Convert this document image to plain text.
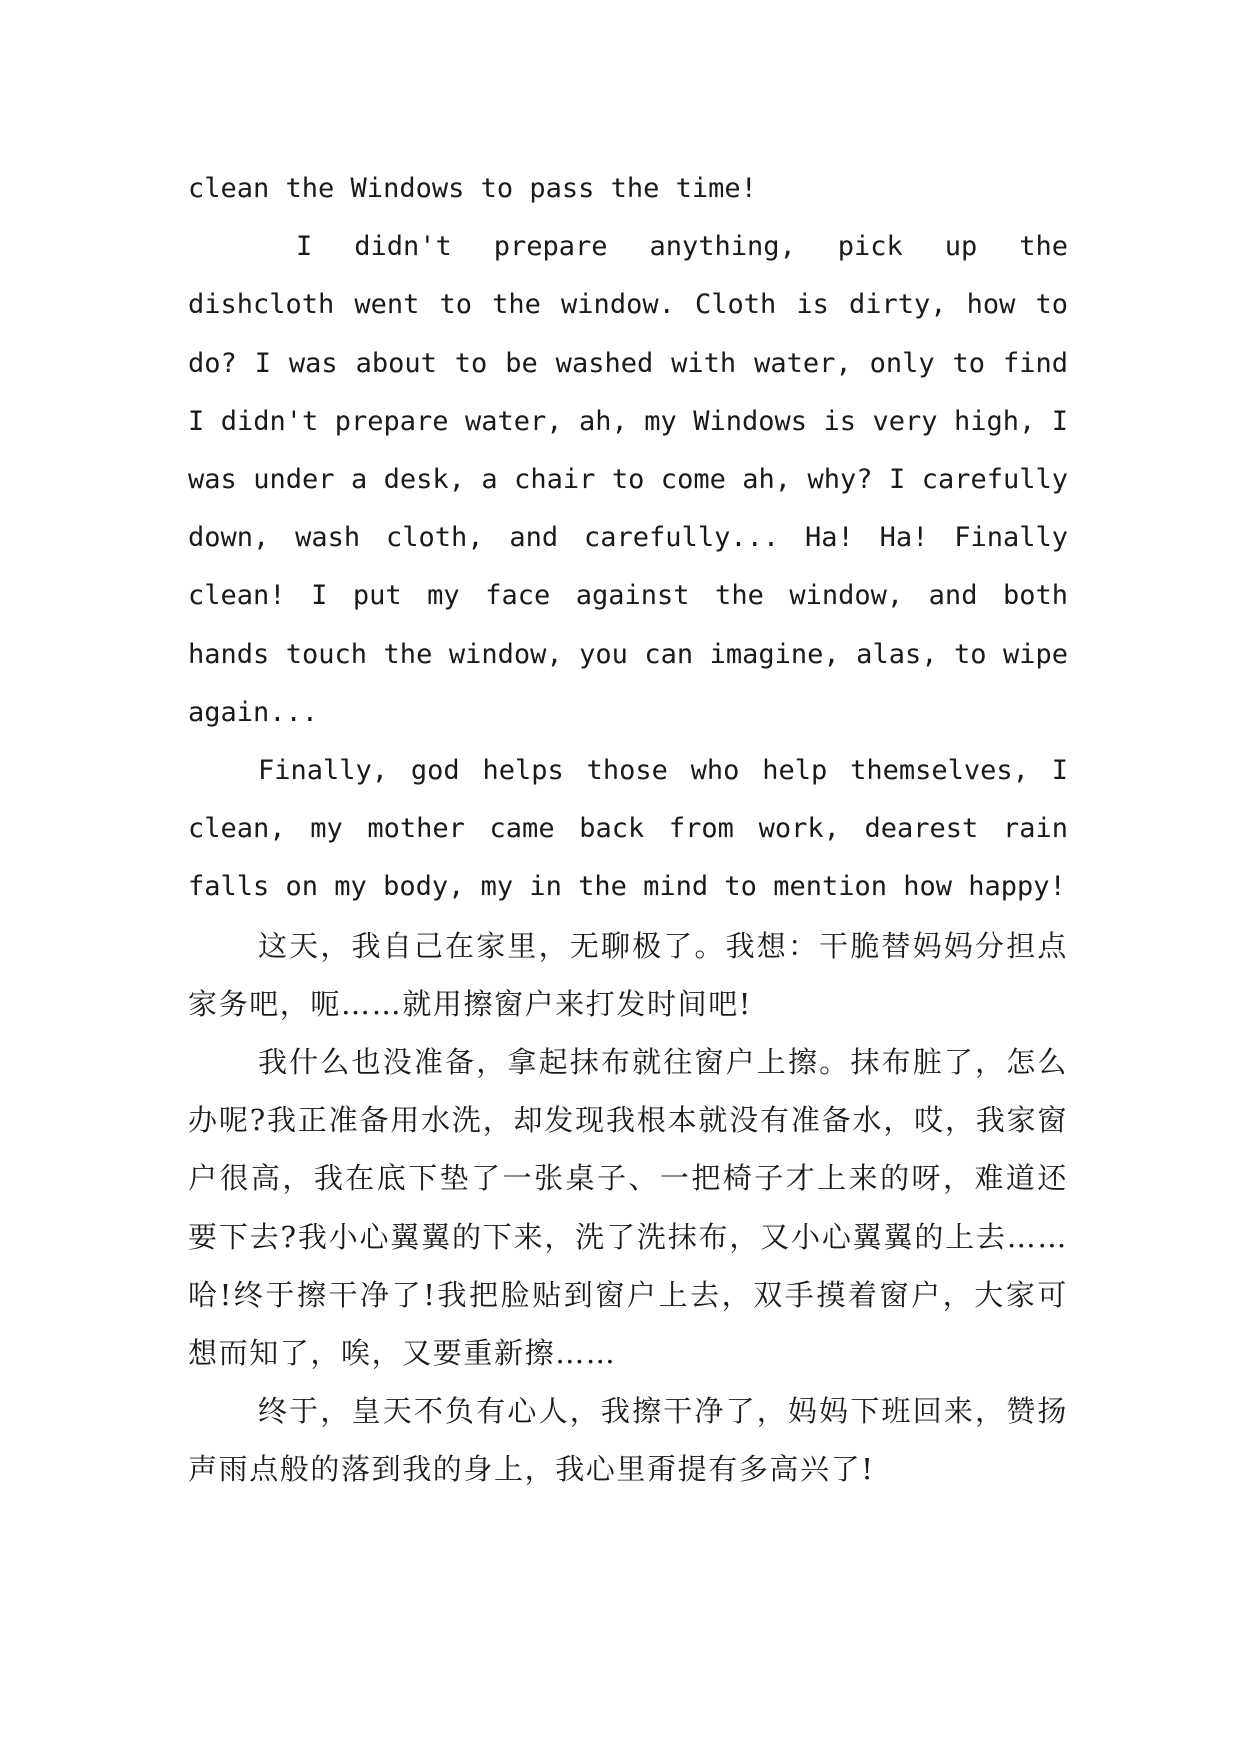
clean the Windows to pass the time!

I didn't prepare anything, pick up the dishcloth went to the window. Cloth is dirty, how to do? I was about to be washed with water, only to find I didn't prepare water, ah, my Windows is very high, I was under a desk, a chair to come ah, why? I carefully down, wash cloth, and carefully... Ha! Ha! Finally clean! I put my face against the window, and both hands touch the window, you can imagine, alas, to wipe again...

Finally, god helps those who help themselves, I clean, my mother came back from work, dearest rain falls on my body, my in the mind to mention how happy!

这天，我自己在家里，无聊极了。我想：干脆替妈妈分担点家务吧，呃……就用擦窗户来打发时间吧!

我什么也没准备，拿起抹布就往窗户上擦。抹布脏了，怎么办呢?我正准备用水洗，却发现我根本就没有准备水，哎，我家窗户很高，我在底下垫了一张桌子、一把椅子才上来的呀，难道还要下去?我小心翼翼的下来，洗了洗抹布，又小心翼翼的上去……哈!终于擦干净了!我把脸贴到窗户上去，双手摸着窗户，大家可想而知了，唉，又要重新擦……

终于，皇天不负有心人，我擦干净了，妈妈下班回来，赞扬声雨点般的落到我的身上，我心里甭提有多高兴了!
